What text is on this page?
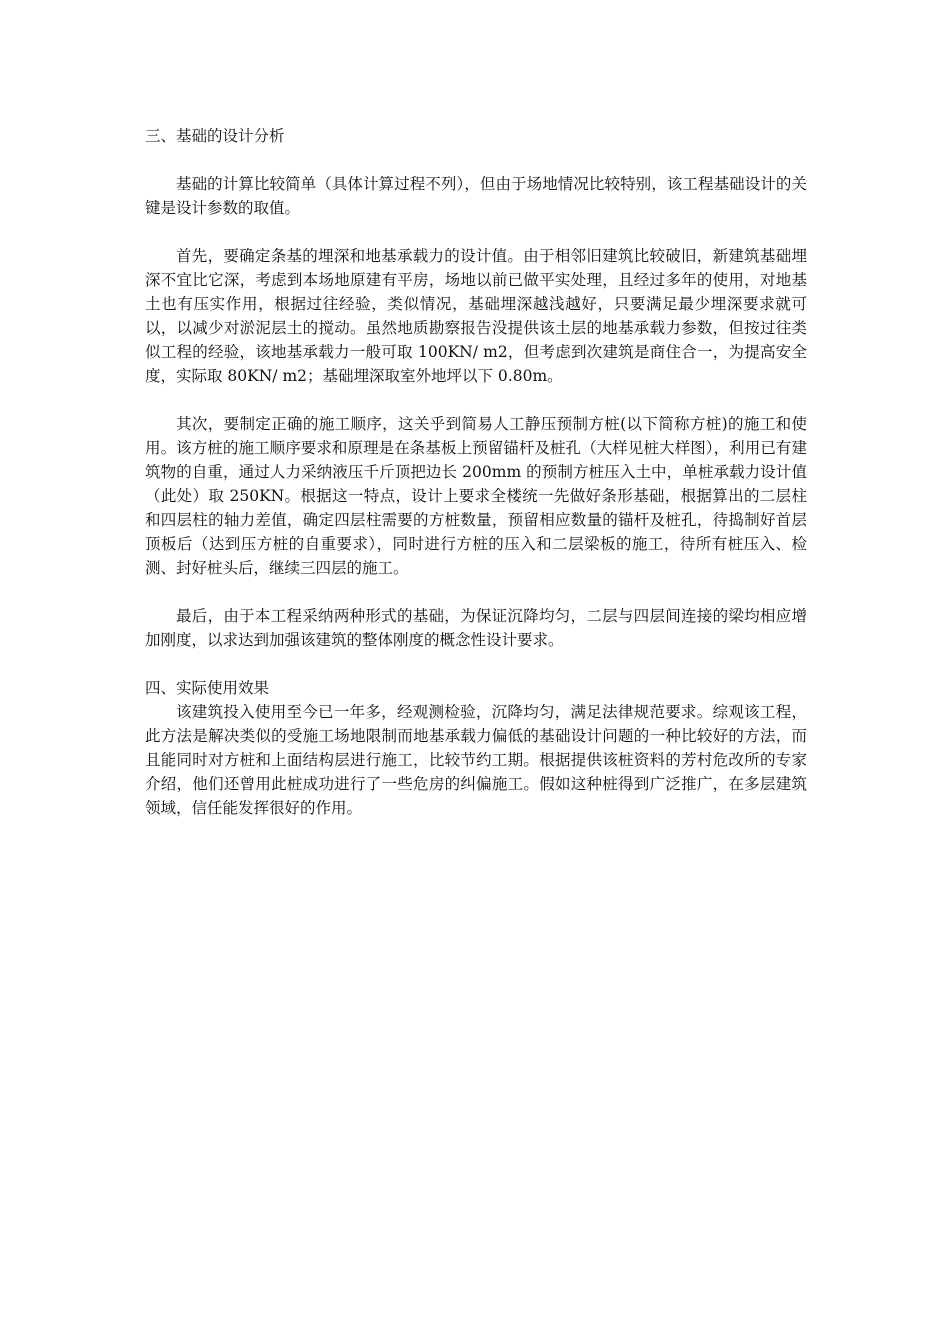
三、基础的设计分析

基础的计算比较简单（具体计算过程不列），但由于场地情况比较特别，该工程基础设计的关键是设计参数的取值。

首先，要确定条基的埋深和地基承载力的设计值。由于相邻旧建筑比较破旧，新建筑基础埋深不宜比它深，考虑到本场地原建有平房，场地以前已做平实处理，且经过多年的使用，对地基土也有压实作用，根据过往经验，类似情况，基础埋深越浅越好，只要满足最少埋深要求就可以，以减少对淤泥层土的搅动。虽然地质勘察报告没提供该土层的地基承载力参数，但按过往类似工程的经验，该地基承载力一般可取 100KN/ m2，但考虑到次建筑是商住合一，为提高安全度，实际取 80KN/ m2；基础埋深取室外地坪以下 0.80m。

其次，要制定正确的施工顺序，这关乎到简易人工静压预制方桩(以下简称方桩)的施工和使用。该方桩的施工顺序要求和原理是在条基板上预留锚杆及桩孔（大样见桩大样图），利用已有建筑物的自重，通过人力采纳液压千斤顶把边长 200mm 的预制方桩压入土中，单桩承载力设计值（此处）取 250KN。根据这一特点，设计上要求全楼统一先做好条形基础，根据算出的二层柱和四层柱的轴力差值，确定四层柱需要的方桩数量，预留相应数量的锚杆及桩孔，待捣制好首层顶板后（达到压方桩的自重要求），同时进行方桩的压入和二层梁板的施工，待所有桩压入、检测、封好桩头后，继续三四层的施工。

最后，由于本工程采纳两种形式的基础，为保证沉降均匀，二层与四层间连接的梁均相应增加刚度，以求达到加强该建筑的整体刚度的概念性设计要求。

四、实际使用效果

该建筑投入使用至今已一年多，经观测检验，沉降均匀，满足法律规范要求。综观该工程，此方法是解决类似的受施工场地限制而地基承载力偏低的基础设计问题的一种比较好的方法，而且能同时对方桩和上面结构层进行施工，比较节约工期。根据提供该桩资料的芳村危改所的专家介绍，他们还曾用此桩成功进行了一些危房的纠偏施工。假如这种桩得到广泛推广，在多层建筑领域，信任能发挥很好的作用。
